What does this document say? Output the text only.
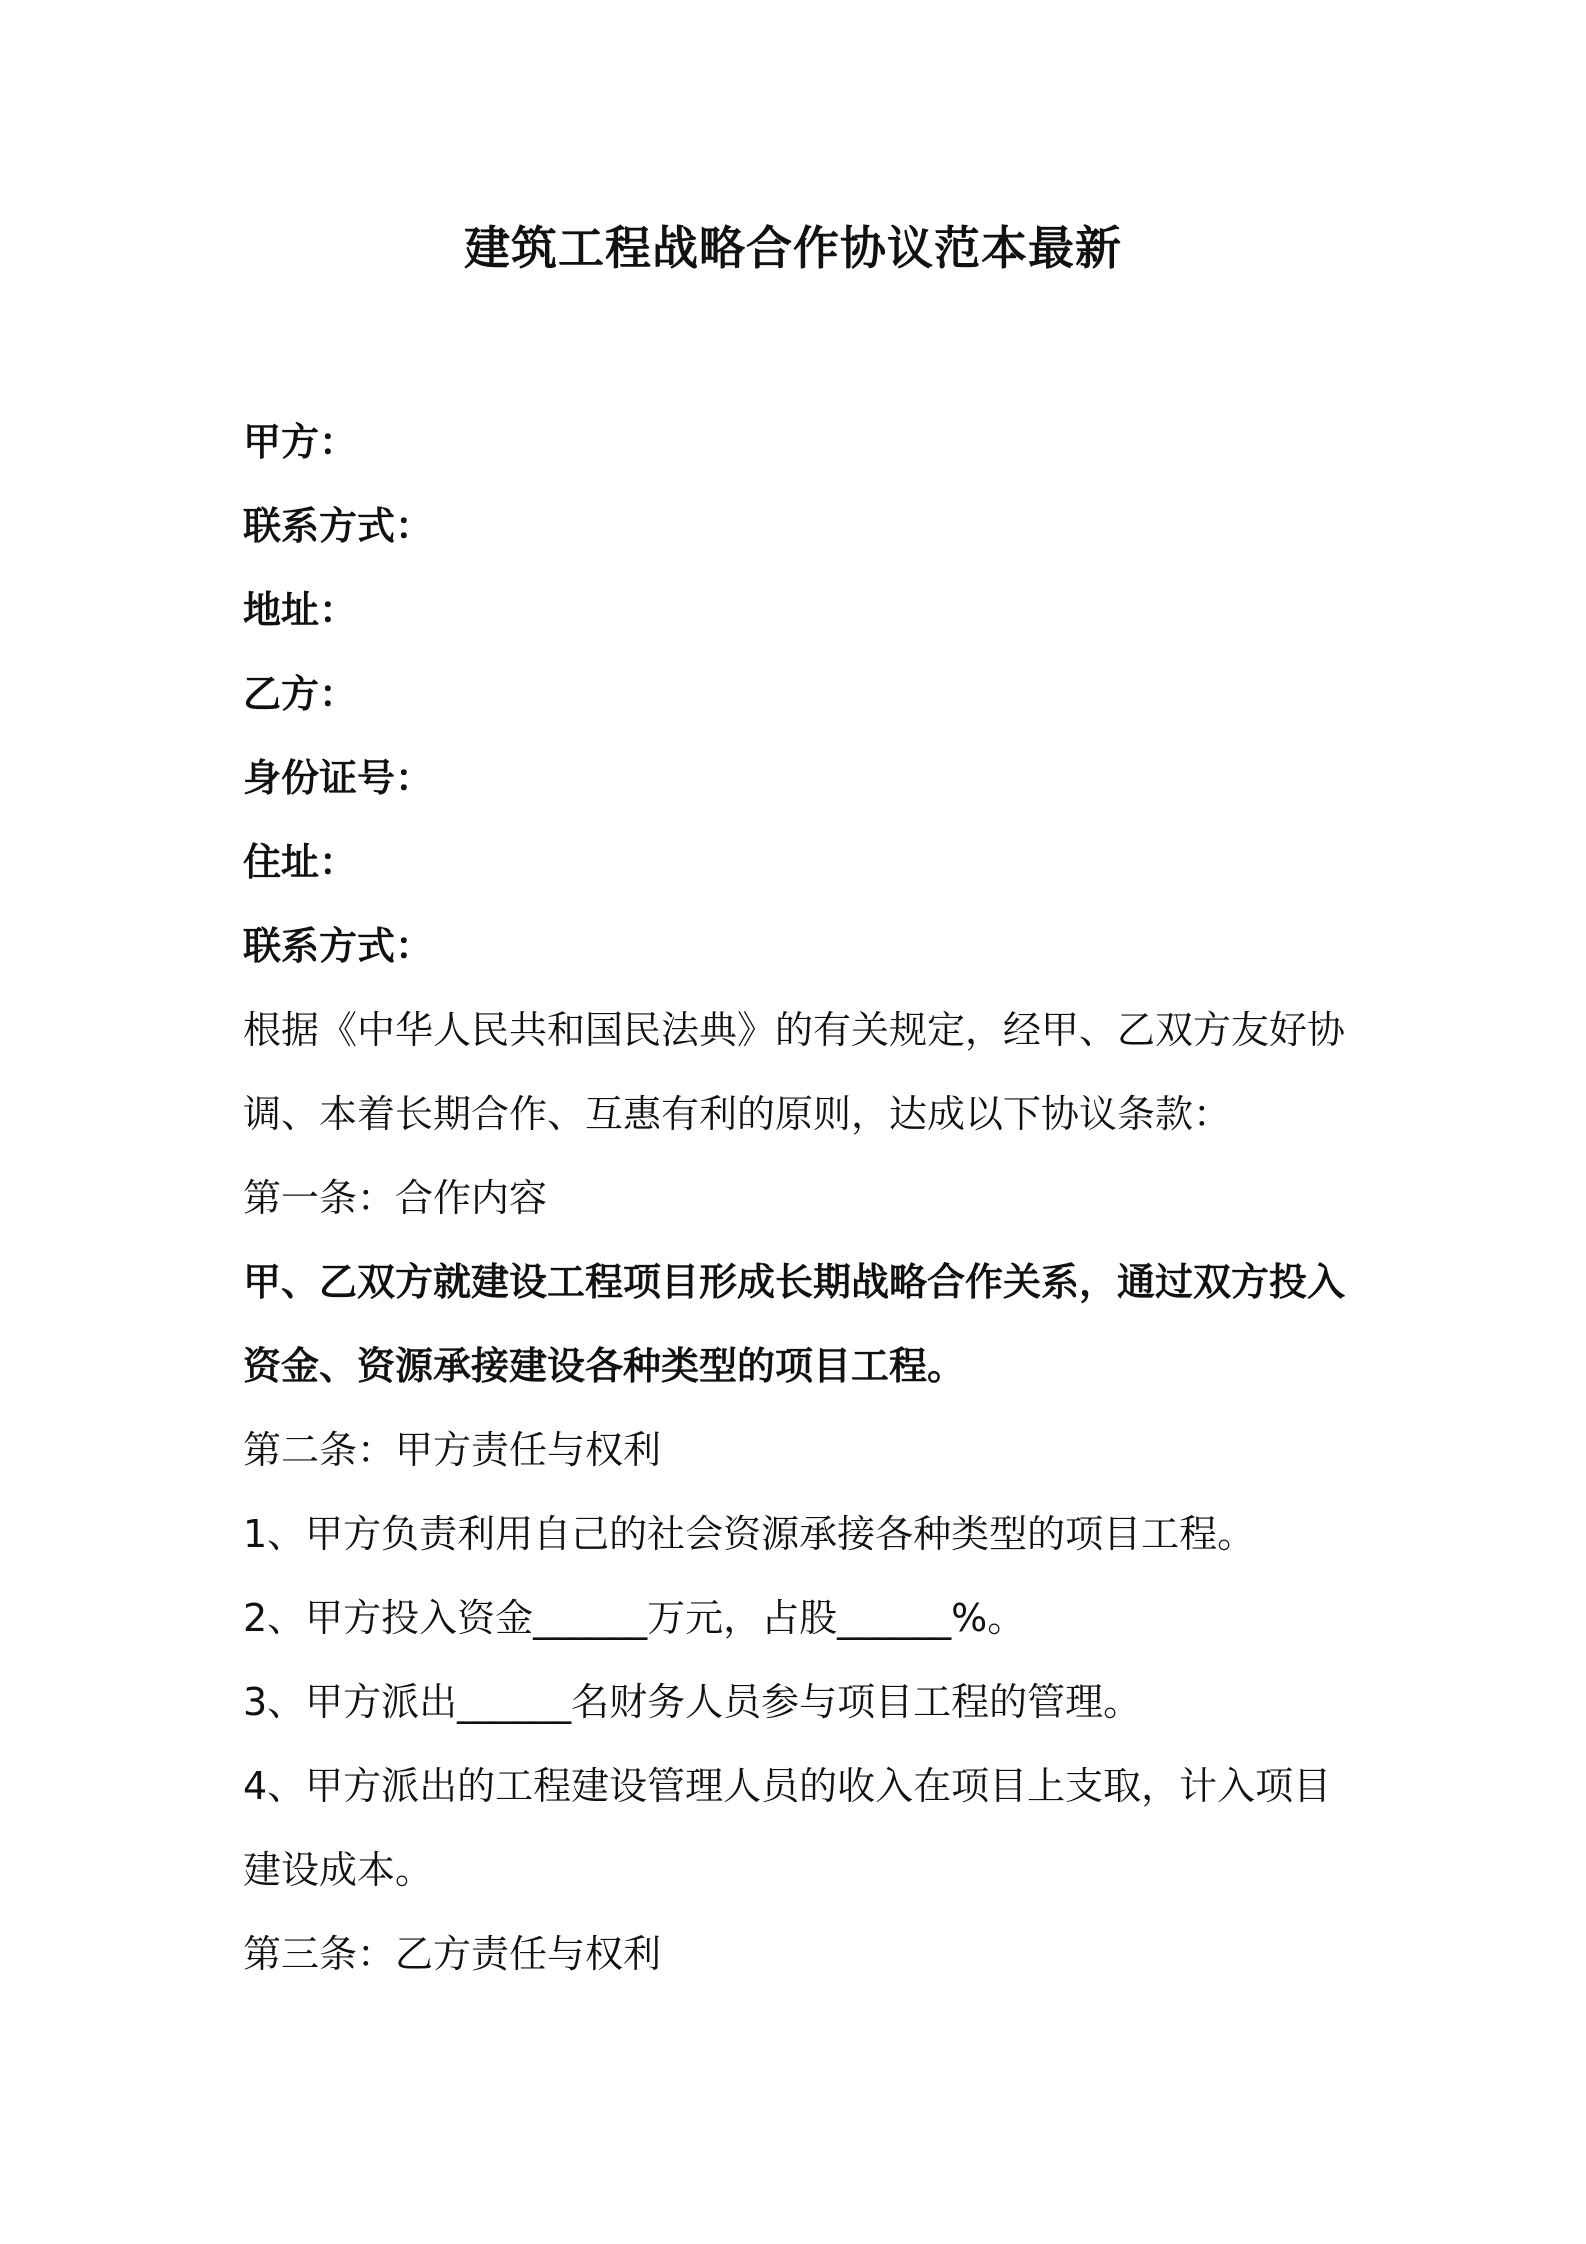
建筑工程战略合作协议范本最新

甲方：

联系方式：

地址：

乙方：

身份证号：

住址：

联系方式：

根据《中华人民共和国民法典》的有关规定，经甲、乙双方友好协调、本着长期合作、互惠有利的原则，达成以下协议条款：

第一条：合作内容

甲、乙双方就建设工程项目形成长期战略合作关系，通过双方投入资金、资源承接建设各种类型的项目工程。

第二条：甲方责任与权利

1、甲方负责利用自己的社会资源承接各种类型的项目工程。

2、甲方投入资金______万元，占股______%。

3、甲方派出______名财务人员参与项目工程的管理。

4、甲方派出的工程建设管理人员的收入在项目上支取，计入项目建设成本。

第三条：乙方责任与权利
